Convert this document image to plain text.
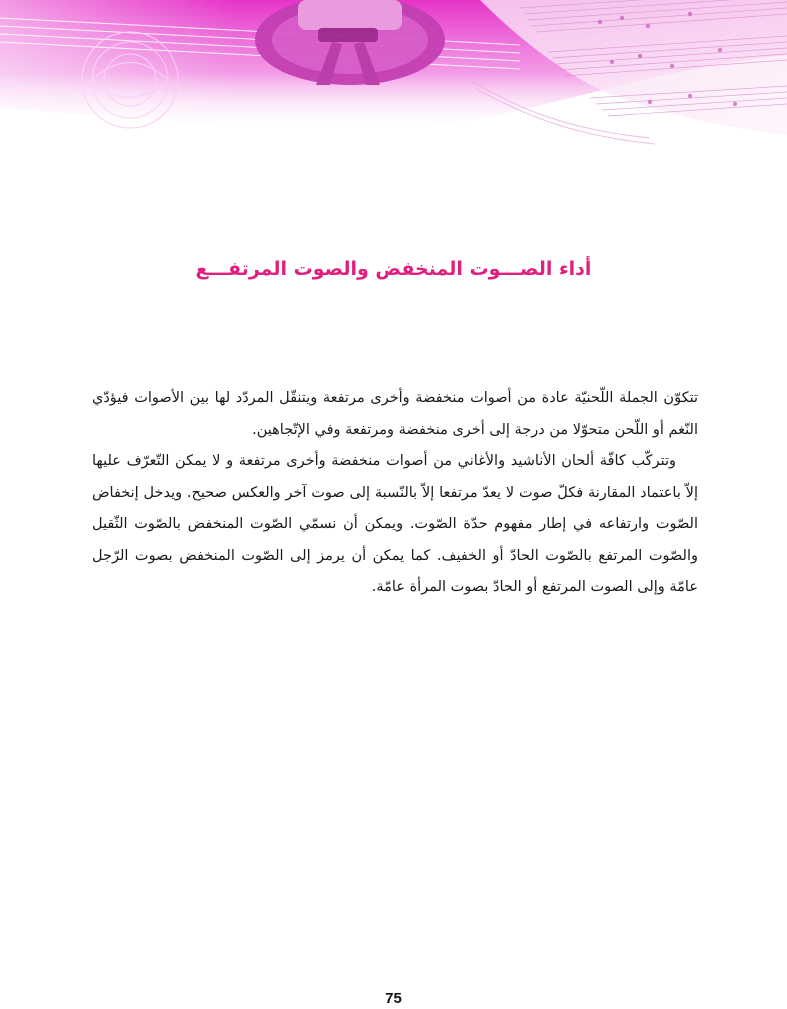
أداء الصـــوت المنخفض والصوت المرتفـــع

تتكوّن الجملة اللّحنيّة عادة من أصوات منخفضة وأخرى مرتفعة ويتنقّل المردّد لها بين الأصوات فيؤدّي النّغم أو اللّحن متحوّلا من درجة إلى أخرى منخفضة ومرتفعة وفي الإتّجاهين.

وتتركّب كافّة ألحان الأناشيد والأغاني من أصوات منخفضة وأخرى مرتفعة و لا يمكن التّعرّف عليها إلاّ باعتماد المقارنة فكلّ صوت لا يعدّ مرتفعا إلاّ بالنّسبة إلى صوت آخر والعكس صحيح. ويدخل إنخفاض الصّوت وارتفاعه في إطار مفهوم حدّة الصّوت. ويمكن أن نسمّي الصّوت المنخفض بالصّوت الثّقيل والصّوت المرتفع بالصّوت الحادّ أو الخفيف. كما يمكن أن يرمز إلى الصّوت المنخفض بصوت الرّجل عامّة وإلى الصوت المرتفع أو الحادّ بصوت المرأة عامّة.

75
